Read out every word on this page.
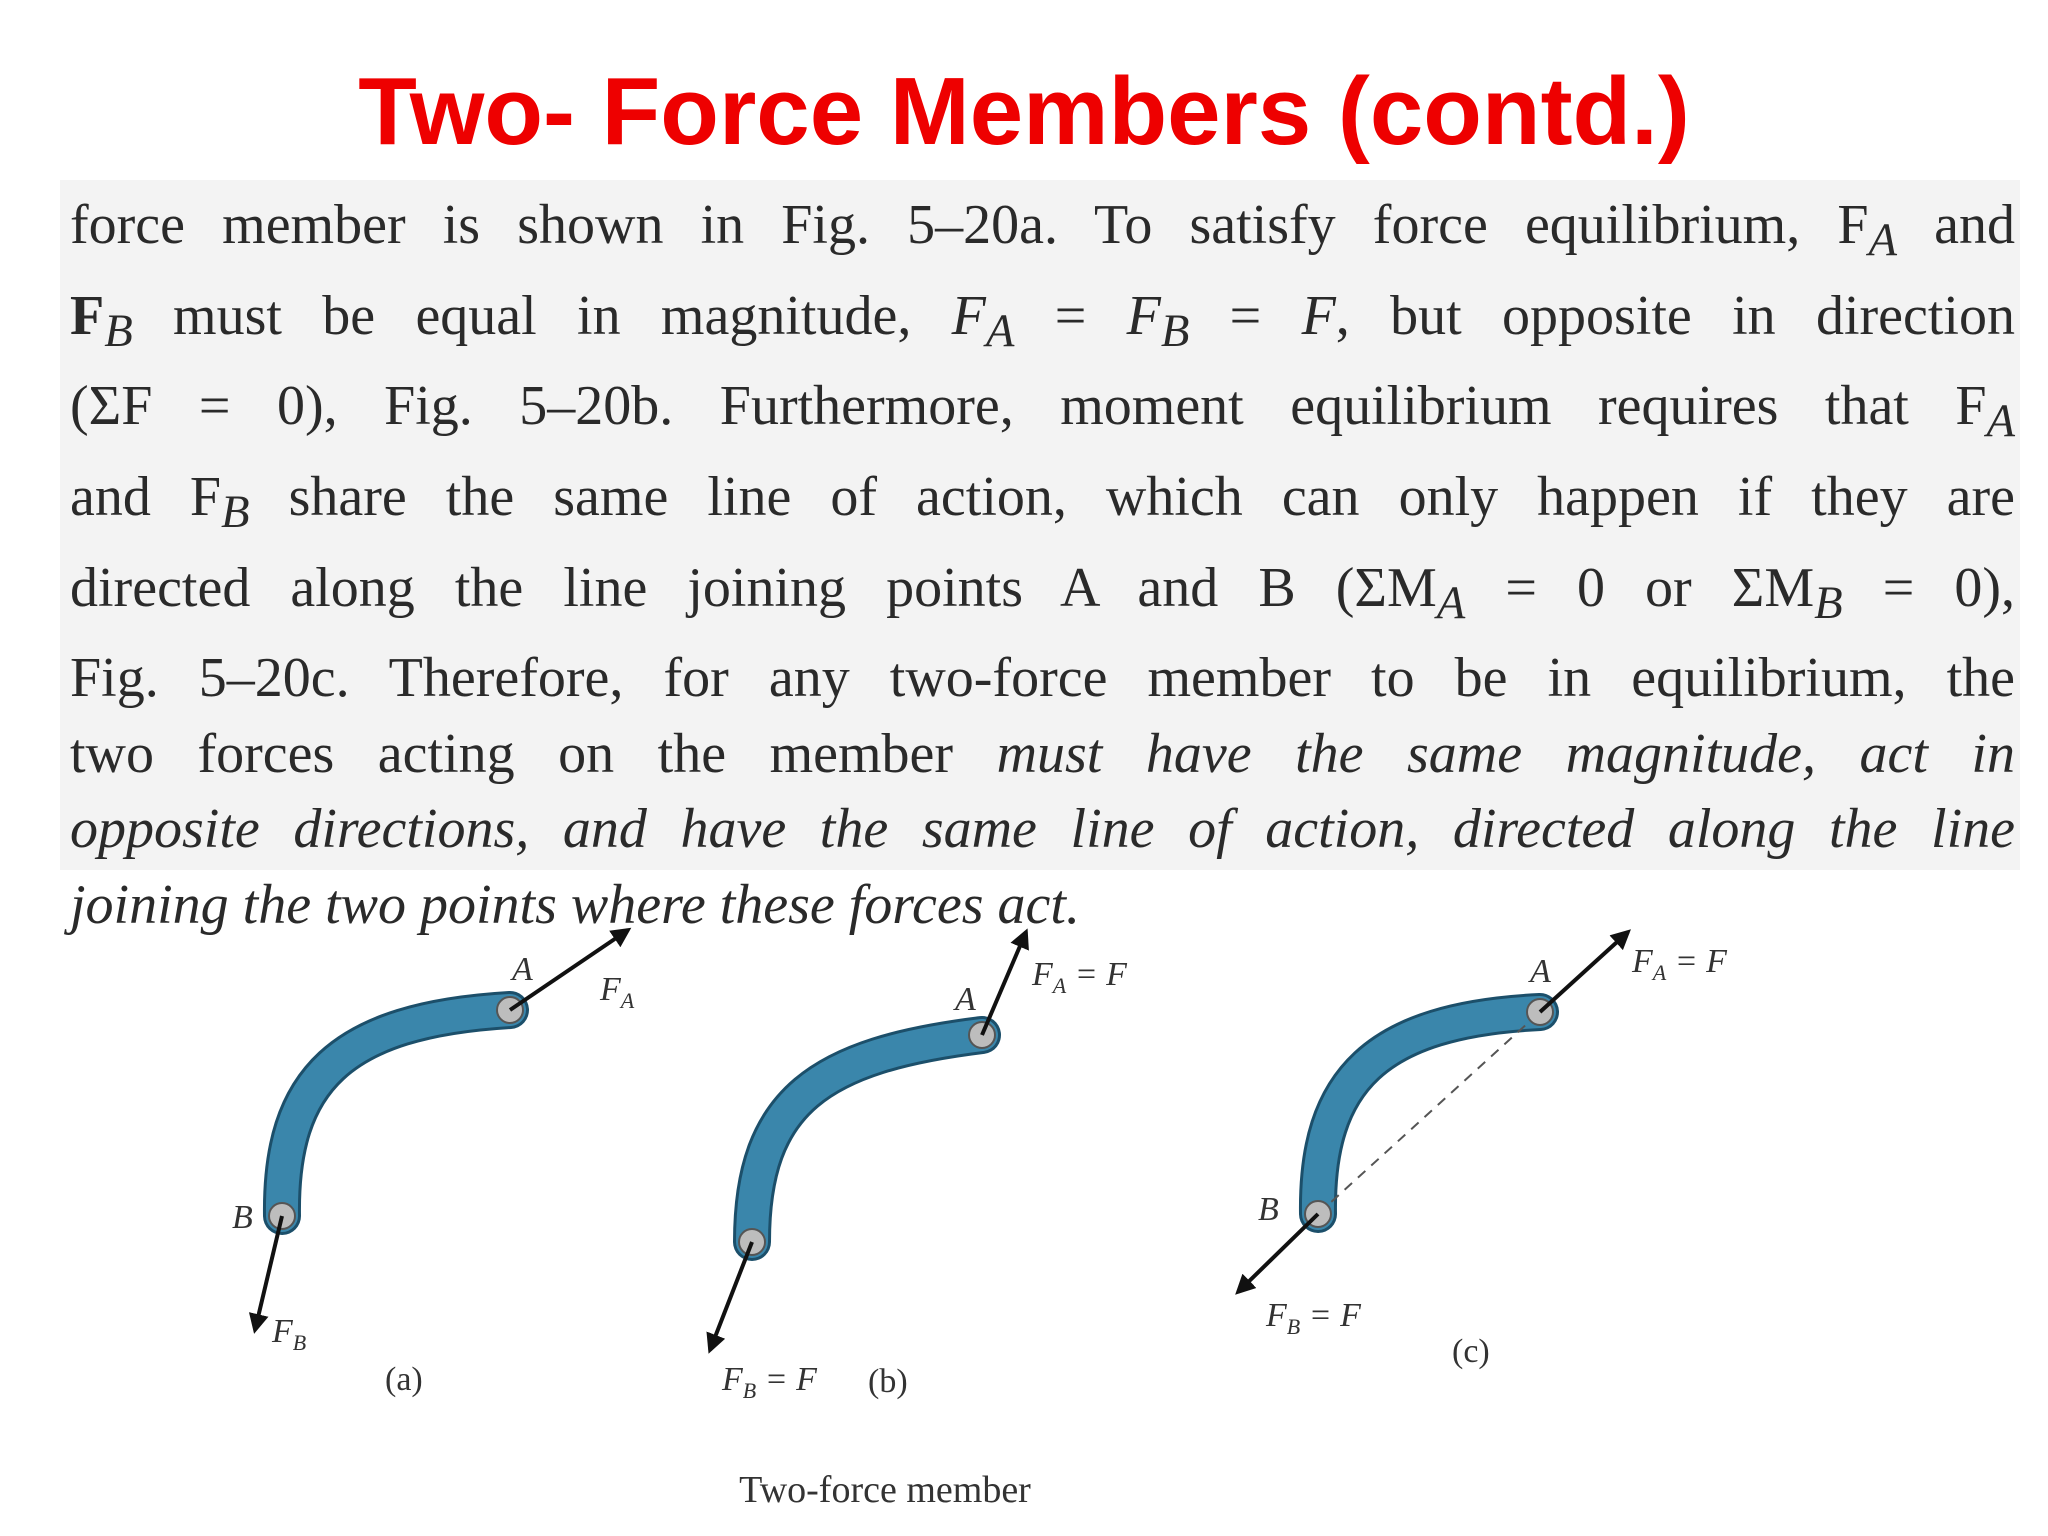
Two- Force Members (contd.)
force member is shown in Fig. 5–20a. To satisfy force equilibrium, $F_A$ and
$F_B$ must be equal in magnitude, $F_A = F_B = F$, but opposite in direction
(ΣF = 0), Fig. 5–20b. Furthermore, moment equilibrium requires that $F_A$
and $F_B$ share the same line of action, which can only happen if they are
directed along the line joining points A and B ($\Sigma M_A = 0$ or $\Sigma M_B = 0$),
Fig. 5–20c. Therefore, for any two-force member to be in equilibrium, the
two forces acting on the member must have the same magnitude, act in
opposite directions, and have the same line of action, directed along the line
joining the two points where these forces act.
A
B
$F_A$
$F_B$
(a)
A
$F_A = F$
$F_B = F$ (b)
A
B
$F_A = F$
$F_B = F$
(c)
Two-force member
